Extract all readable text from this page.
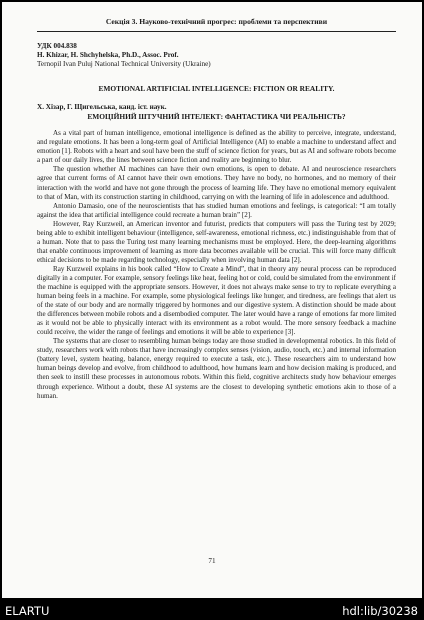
Секція 3. Науково-технічний прогрес: проблеми та перспективи
УДК 004.838
H. Khizar, H. Shchyhelska, Ph.D., Assoc. Prof.
Ternopil Ivan Puluj National Technical University (Ukraine)
EMOTIONAL ARTIFICIAL INTELLIGENCE: FICTION OR REALITY.
Х. Хізар, Г. Щигельська, канд. іст. наук.
ЕМОЦІЙНИЙ ШТУЧНИЙ ІНТЕЛЕКТ: ФАНТАСТИКА ЧИ РЕАЛЬНІСТЬ?

As a vital part of human intelligence, emotional intelligence is defined as the ability to perceive, integrate, understand, and regulate emotions. It has been a long-term goal of Artificial Intelligence (AI) to enable a machine to understand affect and emotion [1]. Robots with a heart and soul have been the stuff of science fiction for years, but as AI and software robots become a part of our daily lives, the lines between science fiction and reality are beginning to blur.

The question whether AI machines can have their own emotions, is open to debate. AI and neuroscience researchers agree that current forms of AI cannot have their own emotions. They have no body, no hormones, and no memory of their interaction with the world and have not gone through the process of learning life. They have no emotional memory equivalent to that of Man, with its construction starting in childhood, carrying on with the learning of life in adolescence and adulthood.

Antonio Damasio, one of the neuroscientists that has studied human emotions and feelings, is categorical: “I am totally against the idea that artificial intelligence could recreate a human brain” [2].

However, Ray Kurzweil, an American inventor and futurist, predicts that computers will pass the Turing test by 2029; being able to exhibit intelligent behaviour (intelligence, self-awareness, emotional richness, etc.) indistinguishable from that of a human. Note that to pass the Turing test many learning mechanisms must be employed. Here, the deep-learning algorithms that enable continuous improvement of learning as more data becomes available will be crucial. This will force many difficult ethical decisions to be made regarding technology, especially when involving human data [2].

Ray Kurzweil explains in his book called “How to Create a Mind”, that in theory any neural process can be reproduced digitally in a computer. For example, sensory feelings like heat, feeling hot or cold, could be simulated from the environment if the machine is equipped with the appropriate sensors. However, it does not always make sense to try to replicate everything a human being feels in a machine. For example, some physiological feelings like hunger, and tiredness, are feelings that alert us of the state of our body and are normally triggered by hormones and our digestive system. A distinction should be made about the differences between mobile robots and a disembodied computer. The later would have a range of emotions far more limited as it would not be able to physically interact with its environment as a robot would. The more sensory feedback a machine could receive, the wider the range of feelings and emotions it will be able to experience [3].

The systems that are closer to resembling human beings today are those studied in developmental robotics. In this field of study, researchers work with robots that have increasingly complex senses (vision, audio, touch, etc.) and internal information (battery level, system heating, balance, energy required to execute a task, etc.). These researchers aim to understand how human beings develop and evolve, from childhood to adulthood, how humans learn and how decision making is produced, and then seek to instill these processes in autonomous robots. Within this field, cognitive architects study how behaviour emerges through experience. Without a doubt, these AI systems are the closest to developing synthetic emotions akin to those of a human.

71
ELARTU	hdl:lib/30238
